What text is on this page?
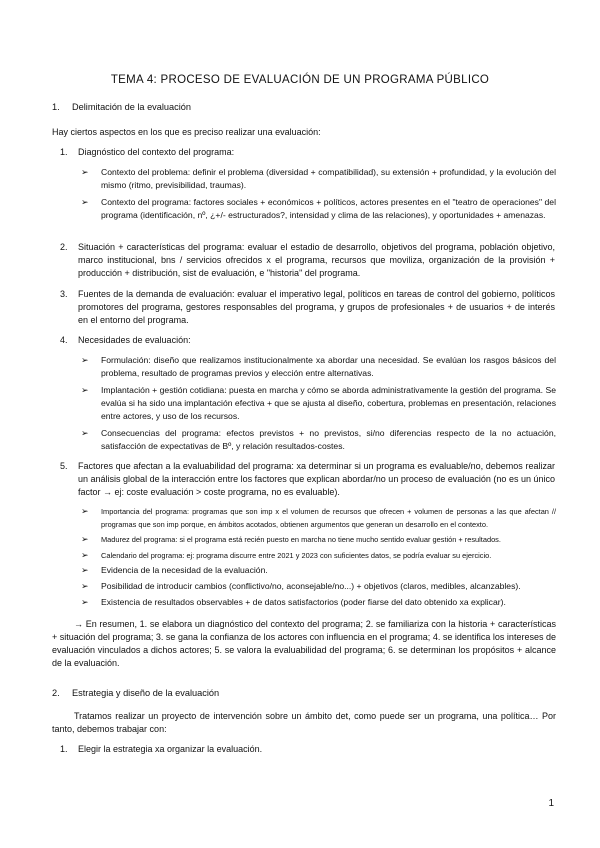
TEMA 4: PROCESO DE EVALUACIÓN DE UN PROGRAMA PÚBLICO
1. Delimitación de la evaluación
Hay ciertos aspectos en los que es preciso realizar una evaluación:
1. Diagnóstico del contexto del programa:
➢ Contexto del problema: definir el problema (diversidad + compatibilidad), su extensión + profundidad, y la evolución del mismo (ritmo, previsibilidad, traumas).
➢ Contexto del programa: factores sociales + económicos + políticos, actores presentes en el "teatro de operaciones" del programa (identificación, nº, ¿+/- estructurados?, intensidad y clima de las relaciones), y oportunidades + amenazas.
2. Situación + características del programa: evaluar el estadio de desarrollo, objetivos del programa, población objetivo, marco institucional, bns / servicios ofrecidos x el programa, recursos que moviliza, organización de la provisión + producción + distribución, sist de evaluación, e "historia" del programa.
3. Fuentes de la demanda de evaluación: evaluar el imperativo legal, políticos en tareas de control del gobierno, políticos promotores del programa, gestores responsables del programa, y grupos de profesionales + de usuarios + de interés en el entorno del programa.
4. Necesidades de evaluación:
➢ Formulación: diseño que realizamos institucionalmente xa abordar una necesidad. Se evalúan los rasgos básicos del problema, resultado de programas previos y elección entre alternativas.
➢ Implantación + gestión cotidiana: puesta en marcha y cómo se aborda administrativamente la gestión del programa. Se evalúa si ha sido una implantación efectiva + que se ajusta al diseño, cobertura, problemas en presentación, relaciones entre actores, y uso de los recursos.
➢ Consecuencias del programa: efectos previstos + no previstos, si/no diferencias respecto de la no actuación, satisfacción de expectativas de Bº, y relación resultados-costes.
5. Factores que afectan a la evaluabilidad del programa: xa determinar si un programa es evaluable/no, debemos realizar un análisis global de la interacción entre los factores que explican abordar/no un proceso de evaluación (no es un único factor → ej: coste evaluación > coste programa, no es evaluable).
➢ Importancia del programa: programas que son imp x el volumen de recursos que ofrecen + volumen de personas a las que afectan // programas que son imp porque, en ámbitos acotados, obtienen argumentos que generan un desarrollo en el contexto.
➢ Madurez del programa: si el programa está recién puesto en marcha no tiene mucho sentido evaluar gestión + resultados.
➢ Calendario del programa: ej: programa discurre entre 2021 y 2023 con suficientes datos, se podría evaluar su ejercicio.
➢ Evidencia de la necesidad de la evaluación.
➢ Posibilidad de introducir cambios (conflictivo/no, aconsejable/no...) + objetivos (claros, medibles, alcanzables).
➢ Existencia de resultados observables + de datos satisfactorios (poder fiarse del dato obtenido xa explicar).
→ En resumen, 1. se elabora un diagnóstico del contexto del programa; 2. se familiariza con la historia + características + situación del programa; 3. se gana la confianza de los actores con influencia en el programa; 4. se identifica los intereses de evaluación vinculados a dichos actores; 5. se valora la evaluabilidad del programa; 6. se determinan los propósitos + alcance de la evaluación.
2. Estrategia y diseño de la evaluación
Tratamos realizar un proyecto de intervención sobre un ámbito det, como puede ser un programa, una política… Por tanto, debemos trabajar con:
1. Elegir la estrategia xa organizar la evaluación.
1
